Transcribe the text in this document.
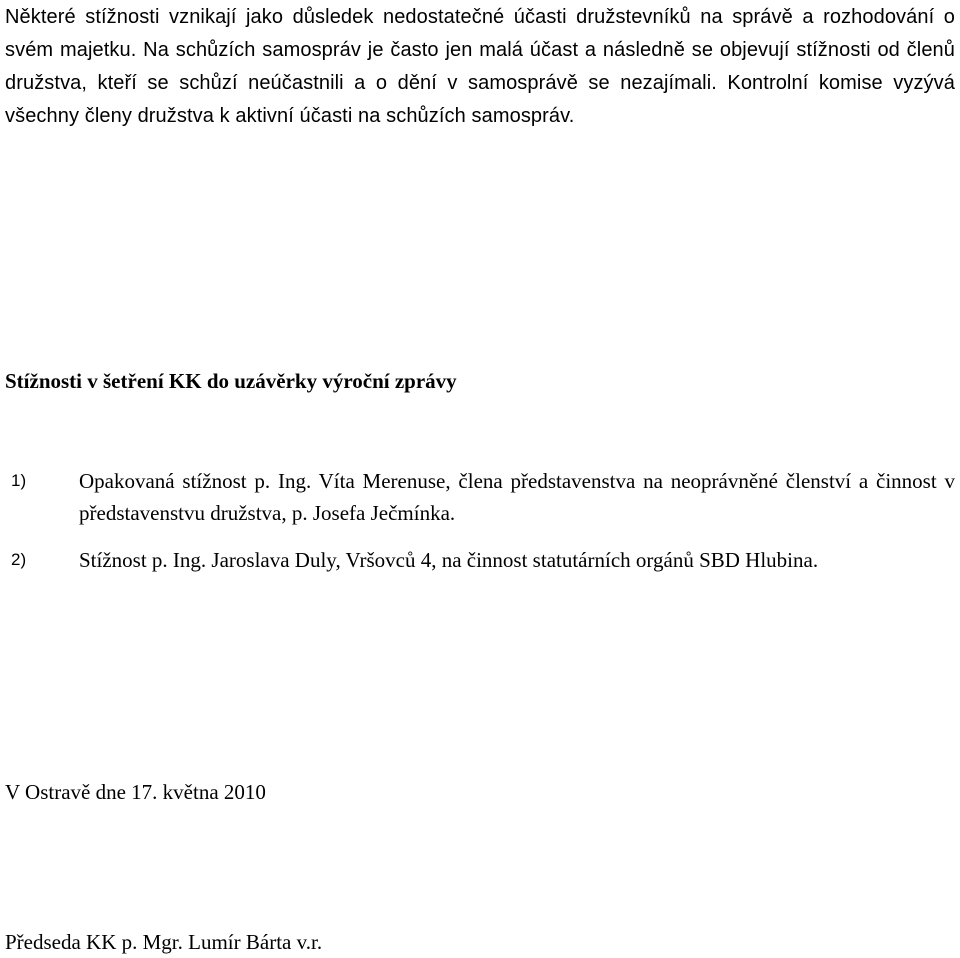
Některé stížnosti vznikají jako důsledek nedostatečné účasti družstevníků na správě a rozhodování o svém majetku. Na schůzích samospráv je často jen malá účast a následně se objevují stížnosti od členů družstva, kteří se schůzí neúčastnili a o dění v samosprávě se nezajímali. Kontrolní komise vyzývá všechny členy družstva k aktivní účasti na schůzích samospráv.

Stížnosti v šetření KK do uzávěrky výroční zprávy

1)	Opakovaná stížnost p. Ing. Víta Merenuse, člena představenstva na neoprávněné členství a činnost v představenstvu družstva, p. Josefa Ječmínka.
2)	Stížnost p. Ing. Jaroslava Duly, Vršovců 4, na činnost statutárních orgánů SBD Hlubina.

V Ostravě dne 17. května 2010

Předseda KK p. Mgr. Lumír Bárta v.r.
